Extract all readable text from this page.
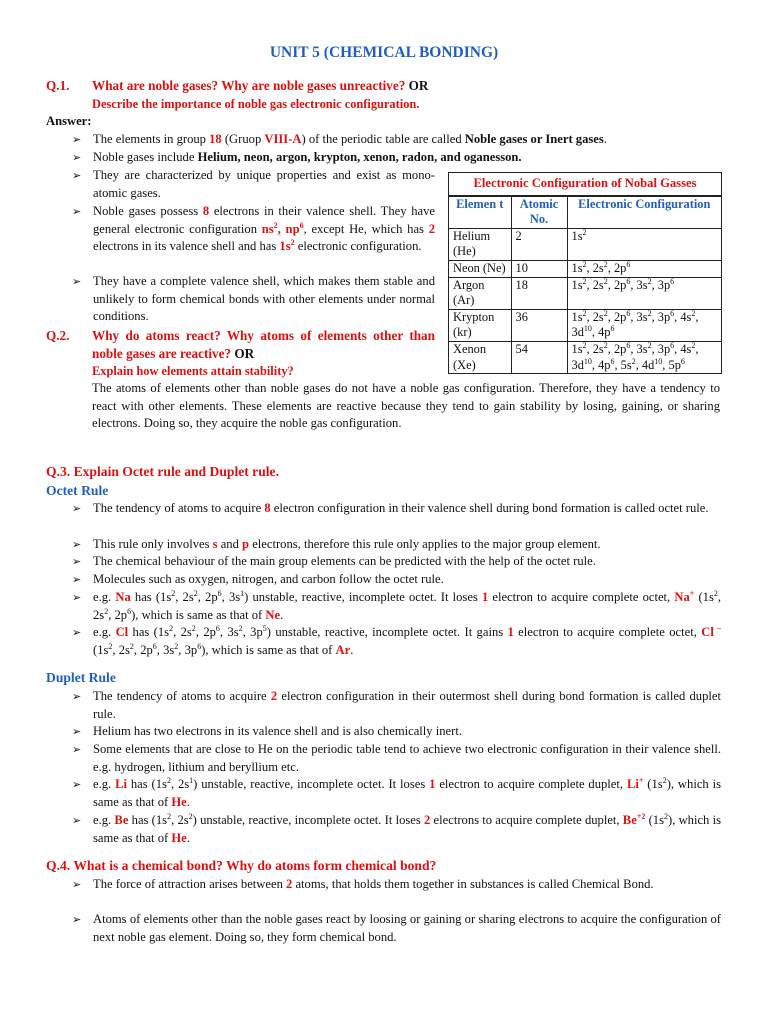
UNIT 5 (CHEMICAL BONDING)
Q.1.	What are noble gases? Why are noble gases unreactive? OR
Describe the importance of noble gas electronic configuration.
Answer:
➢ The elements in group 18 (Gruop VIII-A) of the periodic table are called Noble gases or Inert gases.
➢ Noble gases include Helium, neon, argon, krypton, xenon, radon, and oganesson.
➢ They are characterized by unique properties and exist as mono- atomic gases.
➢ Noble gases possess 8 electrons in their valence shell. They have general electronic configuration $ns^2$, $np^6$, except He, which has 2 electrons in its valence shell and has $1s^2$ electronic configuration.
➢ They have a complete valence shell, which makes them stable and unlikely to form chemical bonds with other elements under normal conditions.
Electronic Configuration of Nobal Gasses
Elemen t	Atomic No.	Electronic Configuration
Helium (He)	2	$1s^2$
Neon (Ne)	10	$1s^2$, $2s^2$, $2p^6$
Argon (Ar)	18	$1s^2$, $2s^2$, $2p^6$, $3s^2$, $3p^6$
Krypton (kr)	36	$1s^2$, $2s^2$, $2p^6$, $3s^2$, $3p^6$, $4s^2$, $3d^{10}$, $4p^6$
Xenon (Xe)	54	$1s^2$, $2s^2$, $2p^6$, $3s^2$, $3p^6$, $4s^2$, $3d^{10}$, $4p^6$, $5s^2$, $4d^{10}$, $5p^6$
Q.2.	Why do atoms react? Why atoms of elements other than noble gases are reactive? OR
Explain how elements attain stability?
The atoms of elements other than noble gases do not have a noble gas configuration. Therefore, they have a tendency to react with other elements. These elements are reactive because they tend to gain stability by losing, gaining, or sharing electrons. Doing so, they acquire the noble gas configuration.
Q.3. Explain Octet rule and Duplet rule.
Octet Rule
➢ The tendency of atoms to acquire 8 electron configuration in their valence shell during bond formation is called octet rule.
➢ This rule only involves s and p electrons, therefore this rule only applies to the major group element.
➢ The chemical behaviour of the main group elements can be predicted with the help of the octet rule.
➢ Molecules such as oxygen, nitrogen, and carbon follow the octet rule.
➢ e.g. Na has ($1s^2$, $2s^2$, $2p^6$, $3s^1$) unstable, reactive, incomplete octet. It loses 1 electron to acquire complete octet, Na+ ($1s^2$, $2s^2$, $2p^6$), which is same as that of Ne.
➢ e.g. Cl has ($1s^2$, $2s^2$, $2p^6$, $3s^2$, $3p^5$) unstable, reactive, incomplete octet. It gains 1 electron to acquire complete octet, Cl – ($1s^2$, $2s^2$, $2p^6$, $3s^2$, $3p^6$), which is same as that of Ar.
Duplet Rule
➢ The tendency of atoms to acquire 2 electron configuration in their outermost shell during bond formation is called duplet rule.
➢ Helium has two electrons in its valence shell and is also chemically inert.
➢ Some elements that are close to He on the periodic table tend to achieve two electronic configuration in their valence shell. e.g. hydrogen, lithium and beryllium etc.
➢ e.g. Li has ($1s^2$, $2s^1$) unstable, reactive, incomplete octet. It loses 1 electron to acquire complete duplet, Li+ $(1s^2)$, which is same as that of He.
➢ e.g. Be has ($1s^2$, $2s^2$) unstable, reactive, incomplete octet. It loses 2 electrons to acquire complete duplet, $Be^{+2}$ $(1s^2)$, which is same as that of He.
Q.4. What is a chemical bond? Why do atoms form chemical bond?
➢ The force of attraction arises between 2 atoms, that holds them together in substances is called Chemical Bond.
➢ Atoms of elements other than the noble gases react by loosing or gaining or sharing electrons to acquire the configuration of next noble gas element. Doing so, they form chemical bond.
